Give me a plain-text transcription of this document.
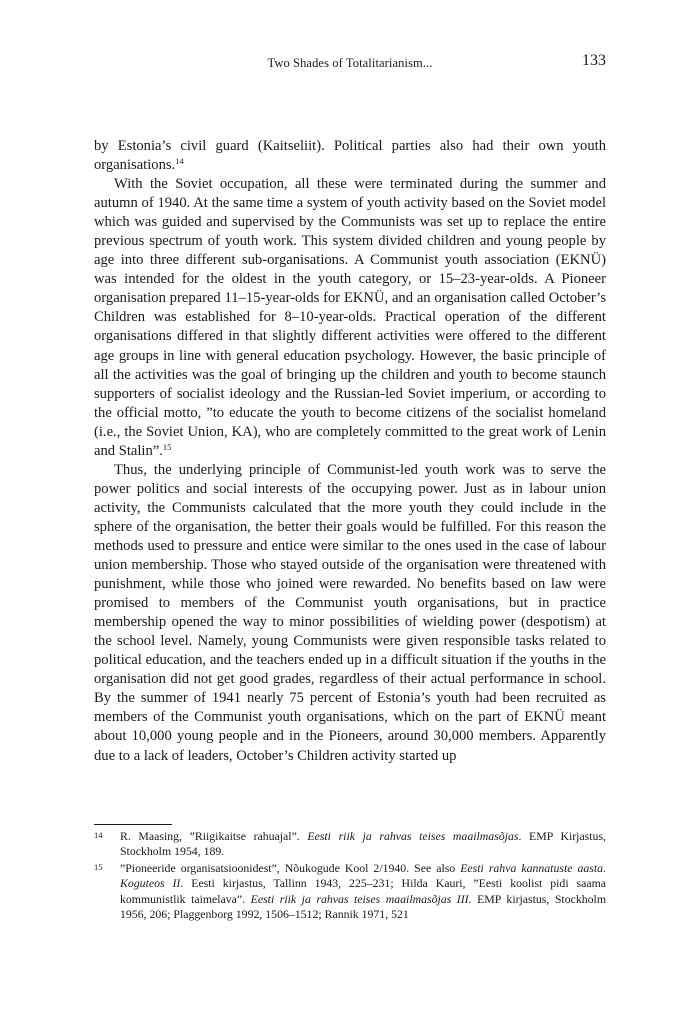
Two Shades of Totalitarianism...	133

by Estonia’s civil guard (Kaitseliit). Political parties also had their own youth organisations.$^{14}$

With the Soviet occupation, all these were terminated during the summer and autumn of 1940. At the same time a system of youth activity based on the Soviet model which was guided and supervised by the Communists was set up to replace the entire previous spectrum of youth work. This system divided children and young people by age into three different sub-organisations. A Communist youth association (EKNÜ) was intended for the oldest in the youth category, or 15–23-year-olds. A Pioneer organisation prepared 11–15-year-olds for EKNÜ, and an organisation called October’s Children was established for 8–10-year-olds. Practical operation of the different organisations differed in that slightly different activities were offered to the different age groups in line with general education psychology. However, the basic principle of all the activities was the goal of bringing up the children and youth to become staunch supporters of socialist ideology and the Russian-led Soviet imperium, or according to the official motto, ”to educate the youth to become citizens of the socialist homeland (i.e., the Soviet Union, KA), who are completely committed to the great work of Lenin and Stalin”.$^{15}$

Thus, the underlying principle of Communist-led youth work was to serve the power politics and social interests of the occupying power. Just as in labour union activity, the Communists calculated that the more youth they could include in the sphere of the organisation, the better their goals would be fulfilled. For this reason the methods used to pressure and entice were similar to the ones used in the case of labour union membership. Those who stayed outside of the organisation were threatened with punishment, while those who joined were rewarded. No benefits based on law were promised to members of the Communist youth organisations, but in practice membership opened the way to minor possibilities of wielding power (despotism) at the school level. Namely, young Communists were given responsible tasks related to political education, and the teachers ended up in a difficult situation if the youths in the organisation did not get good grades, regardless of their actual performance in school. By the summer of 1941 nearly 75 percent of Estonia’s youth had been recruited as members of the Communist youth organisations, which on the part of EKNÜ meant about 10,000 young people and in the Pioneers, around 30,000 members. Apparently due to a lack of leaders, October’s Children activity started up

14 R. Maasing, ”Riigikaitse rahuajal”. Eesti riik ja rahvas teises maailmasõjas. EMP Kirjastus, Stockholm 1954, 189.
15 ”Pioneeride organisatsioonidest”, Nõukogude Kool 2/1940. See also Eesti rahva kannatuste aasta. Koguteos II. Eesti kirjastus, Tallinn 1943, 225–231; Hilda Kauri, ”Eesti koolist pidi saama kommunistlik taimelava”. Eesti riik ja rahvas teises maailmasõjas III. EMP kirjastus, Stockholm 1956, 206; Plaggenborg 1992, 1506–1512; Rannik 1971, 521
